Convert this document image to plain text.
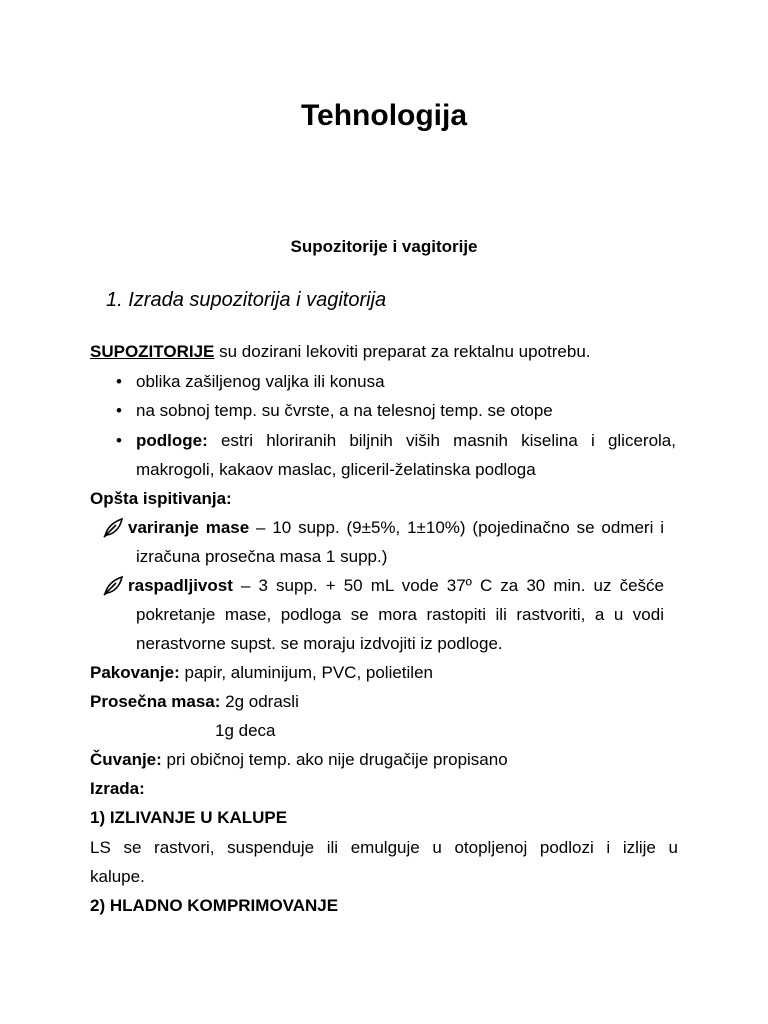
Tehnologija
Supozitorije i vagitorije
1. Izrada supozitorija i vagitorija
SUPOZITORIJE su dozirani lekoviti preparat za rektalnu upotrebu.
• oblika zašiljenog valjka ili konusa
• na sobnoj temp. su čvrste, a na telesnoj temp. se otope
• podloge: estri hloriranih biljnih viših masnih kiselina i glicerola,
makrogoli, kakaov maslac, gliceril-želatinska podloga
Opšta ispitivanja:
variranje mase – 10 supp. (9±5%, 1±10%) (pojedinačno se odmeri i
izračuna prosečna masa 1 supp.)
raspadljivost – 3 supp. + 50 mL vode 37º C za 30 min. uz češće
pokretanje mase, podloga se mora rastopiti ili rastvoriti, a u vodi
nerastvorne supst. se moraju izdvojiti iz podloge.
Pakovanje: papir, aluminijum, PVC, polietilen
Prosečna masa: 2g odrasli
1g deca
Čuvanje: pri običnoj temp. ako nije drugačije propisano
Izrada:
1) IZLIVANJE U KALUPE
LS se rastvori, suspenduje ili emulguje u otopljenoj podlozi i izlije u
kalupe.
2) HLADNO KOMPRIMOVANJE
